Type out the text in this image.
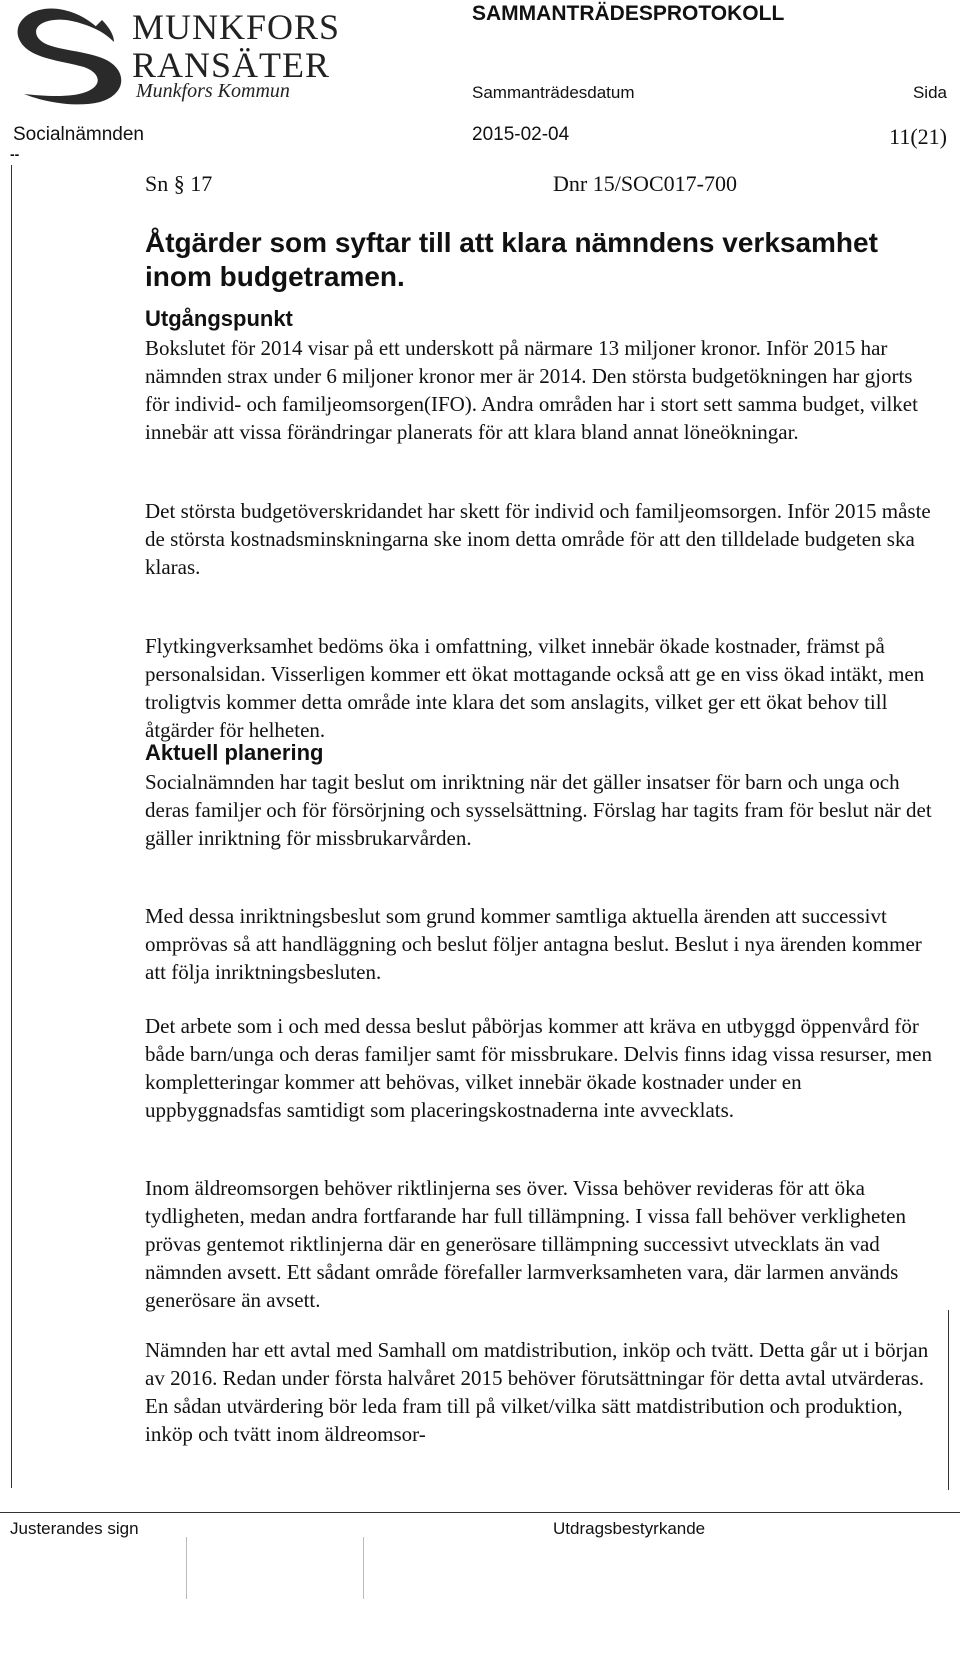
MUNKFORS
RANSÄTER
Munkfors Kommun
SAMMANTRÄDESPROTOKOLL
Sammanträdesdatum	Sida
Socialnämnden	2015-02-04	11(21)
--
Sn § 17	Dnr 15/SOC017-700
Åtgärder som syftar till att klara nämndens verksamhet inom budgetramen.
Utgångspunkt
Bokslutet för 2014 visar på ett underskott på närmare 13 miljoner kronor. Inför 2015 har nämnden strax under 6 miljoner kronor mer är 2014. Den största budgetökningen har gjorts för individ- och familjeomsorgen(IFO). Andra områden har i stort sett samma budget, vilket innebär att vissa förändringar planerats för att klara bland annat löneökningar.
Det största budgetöverskridandet har skett för individ och familjeomsorgen. Inför 2015 måste de största kostnadsminskningarna ske inom detta område för att den tilldelade budgeten ska klaras.
Flytkingverksamhet bedöms öka i omfattning, vilket innebär ökade kostnader, främst på personalsidan. Visserligen kommer ett ökat mottagande också att ge en viss ökad intäkt, men troligtvis kommer detta område inte klara det som anslagits, vilket ger ett ökat behov till åtgärder för helheten.
Aktuell planering
Socialnämnden har tagit beslut om inriktning när det gäller insatser för barn och unga och deras familjer och för försörjning och sysselsättning. Förslag har tagits fram för beslut när det gäller inriktning för missbrukarvården.
Med dessa inriktningsbeslut som grund kommer samtliga aktuella ärenden att successivt omprövas så att handläggning och beslut följer antagna beslut. Beslut i nya ärenden kommer att följa inriktningsbesluten.
Det arbete som i och med dessa beslut påbörjas kommer att kräva en utbyggd öppenvård för både barn/unga och deras familjer samt för missbrukare. Delvis finns idag vissa resurser, men kompletteringar kommer att behövas, vilket innebär ökade kostnader under en uppbyggnadsfas samtidigt som placeringskostnaderna inte avvecklats.
Inom äldreomsorgen behöver riktlinjerna ses över. Vissa behöver revideras för att öka tydligheten, medan andra fortfarande har full tillämpning. I vissa fall behöver verkligheten prövas gentemot riktlinjerna där en generösare tillämpning successivt utvecklats än vad nämnden avsett. Ett sådant område förefaller larmverksamheten vara, där larmen används generösare än avsett.
Nämnden har ett avtal med Samhall om matdistribution, inköp och tvätt. Detta går ut i början av 2016. Redan under första halvåret 2015 behöver förutsättningar för detta avtal utvärderas. En sådan utvärdering bör leda fram till på vilket/vilka sätt matdistribution och produktion, inköp och tvätt inom äldreomsor-
Justerandes sign	Utdragsbestyrkande
